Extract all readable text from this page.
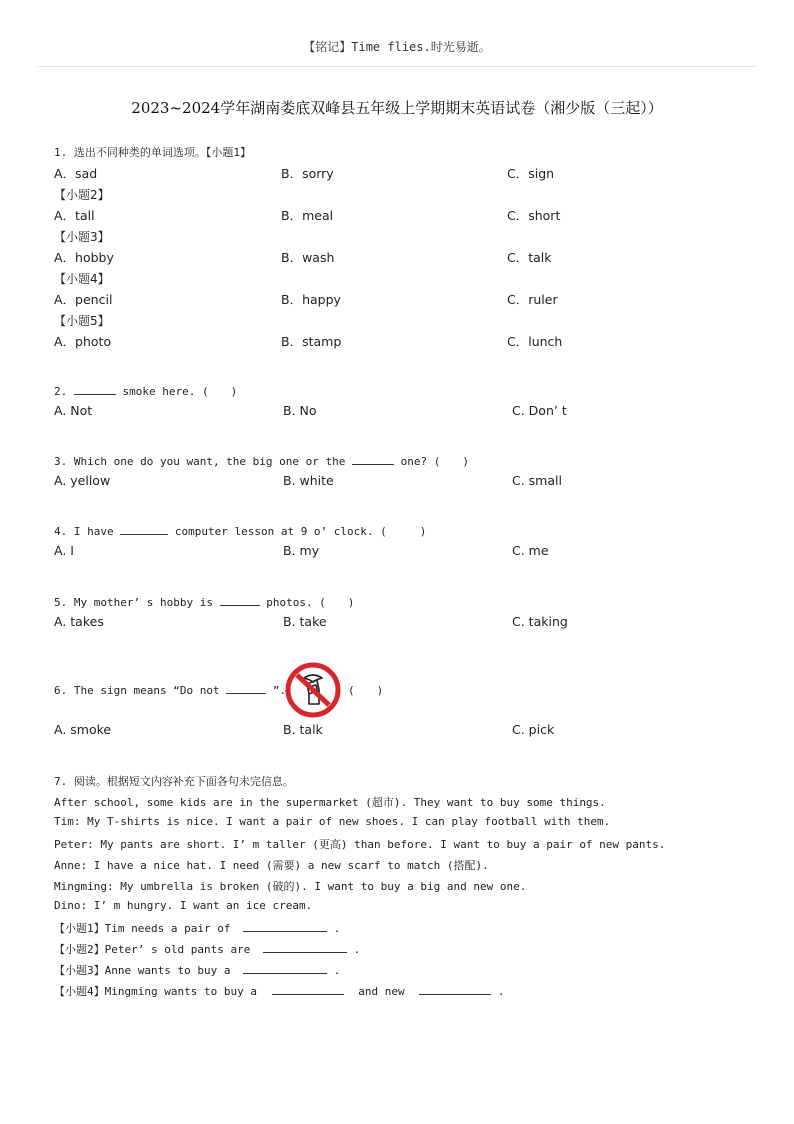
【铭记】Time flies.时光易逝。
2023~2024学年湖南娄底双峰县五年级上学期期末英语试卷（湘少版（三起））
1. 选出不同种类的单词选项。【小题1】
A．sad	B．sorry	C．sign
【小题2】
A．tall	B．meal	C．short
【小题3】
A．hobby	B．wash	C．talk
【小题4】
A．pencil	B．happy	C．ruler
【小题5】
A．photo	B．stamp	C．lunch
2.	smoke here. (　　)
A. Not	B. No	C. Don’ t
3. Which one do you want, the big one or the	one? (　　)
A. yellow	B. white	C. small
4. I have	computer lesson at 9 o’ clock. (　　　)
A. I	B. my	C. me
5. My mother’ s hobby is	photos. (　　)
A. takes	B. take	C. taking
6. The sign means “Do not	”.	(　　)
A. smoke	B. talk	C. pick
7. 阅读。根据短文内容补充下面各句未完信息。
After school, some kids are in the supermarket (超市). They want to buy some things.
Tim: My T-shirts is nice. I want a pair of new shoes. I can play football with them.
Peter: My pants are short. I’ m taller (更高) than before. I want to buy a pair of new pants.
Anne: I have a nice hat. I need (需要) a new scarf to match (搭配).
Mingming: My umbrella is broken (破的). I want to buy a big and new one.
Dino: I’ m hungry. I want an ice cream.
【小题1】Tim needs a pair of	.
【小题2】Peter’ s old pants are	.
【小题3】Anne wants to buy a	.
【小题4】Mingming wants to buy a	and new	.
